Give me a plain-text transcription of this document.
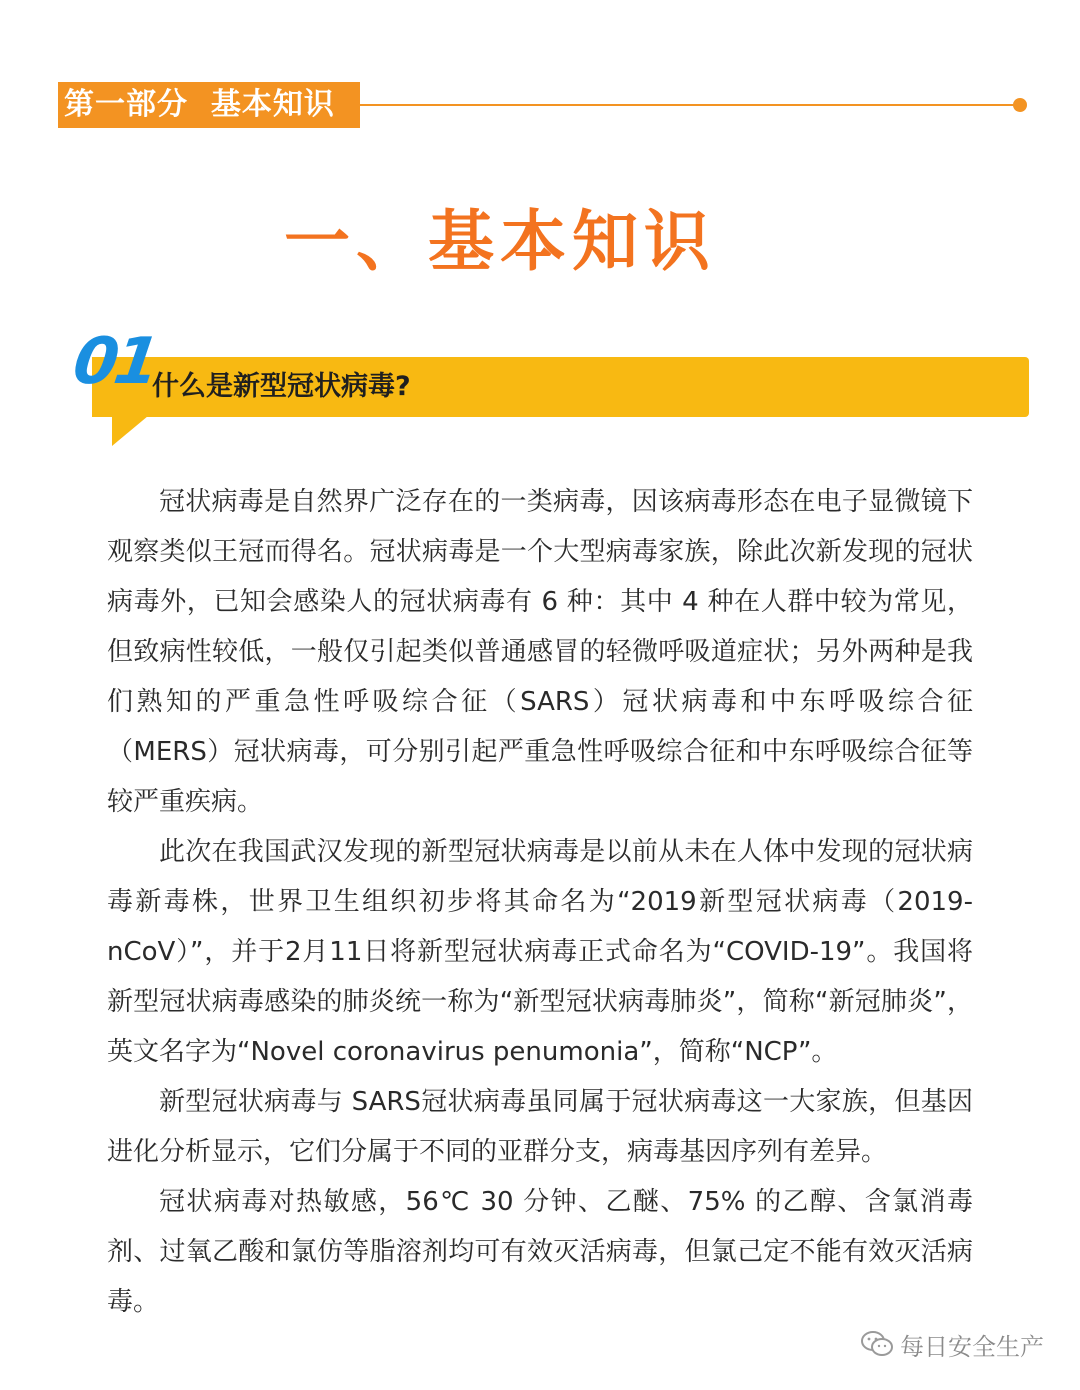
第一部分  基本知识
一、基本知识
01
什么是新型冠状病毒?

冠状病毒是自然界广泛存在的一类病毒，因该病毒形态在电子显微镜下观察类似王冠而得名。冠状病毒是一个大型病毒家族，除此次新发现的冠状病毒外，已知会感染人的冠状病毒有 6 种：其中 4 种在人群中较为常见，但致病性较低，一般仅引起类似普通感冒的轻微呼吸道症状；另外两种是我们熟知的严重急性呼吸综合征（SARS）冠状病毒和中东呼吸综合征（MERS）冠状病毒，可分别引起严重急性呼吸综合征和中东呼吸综合征等较严重疾病。

此次在我国武汉发现的新型冠状病毒是以前从未在人体中发现的冠状病毒新毒株，世界卫生组织初步将其命名为“2019新型冠状病毒（2019-nCoV）”，并于2月11日将新型冠状病毒正式命名为“COVID-19”。我国将新型冠状病毒感染的肺炎统一称为“新型冠状病毒肺炎”，简称“新冠肺炎”，英文名字为“Novel coronavirus penumonia”，简称“NCP”。

新型冠状病毒与 SARS冠状病毒虽同属于冠状病毒这一大家族，但基因进化分析显示，它们分属于不同的亚群分支，病毒基因序列有差异。

冠状病毒对热敏感，56℃ 30 分钟、乙醚、75% 的乙醇、含氯消毒剂、过氧乙酸和氯仿等脂溶剂均可有效灭活病毒，但氯己定不能有效灭活病毒。

每日安全生产
